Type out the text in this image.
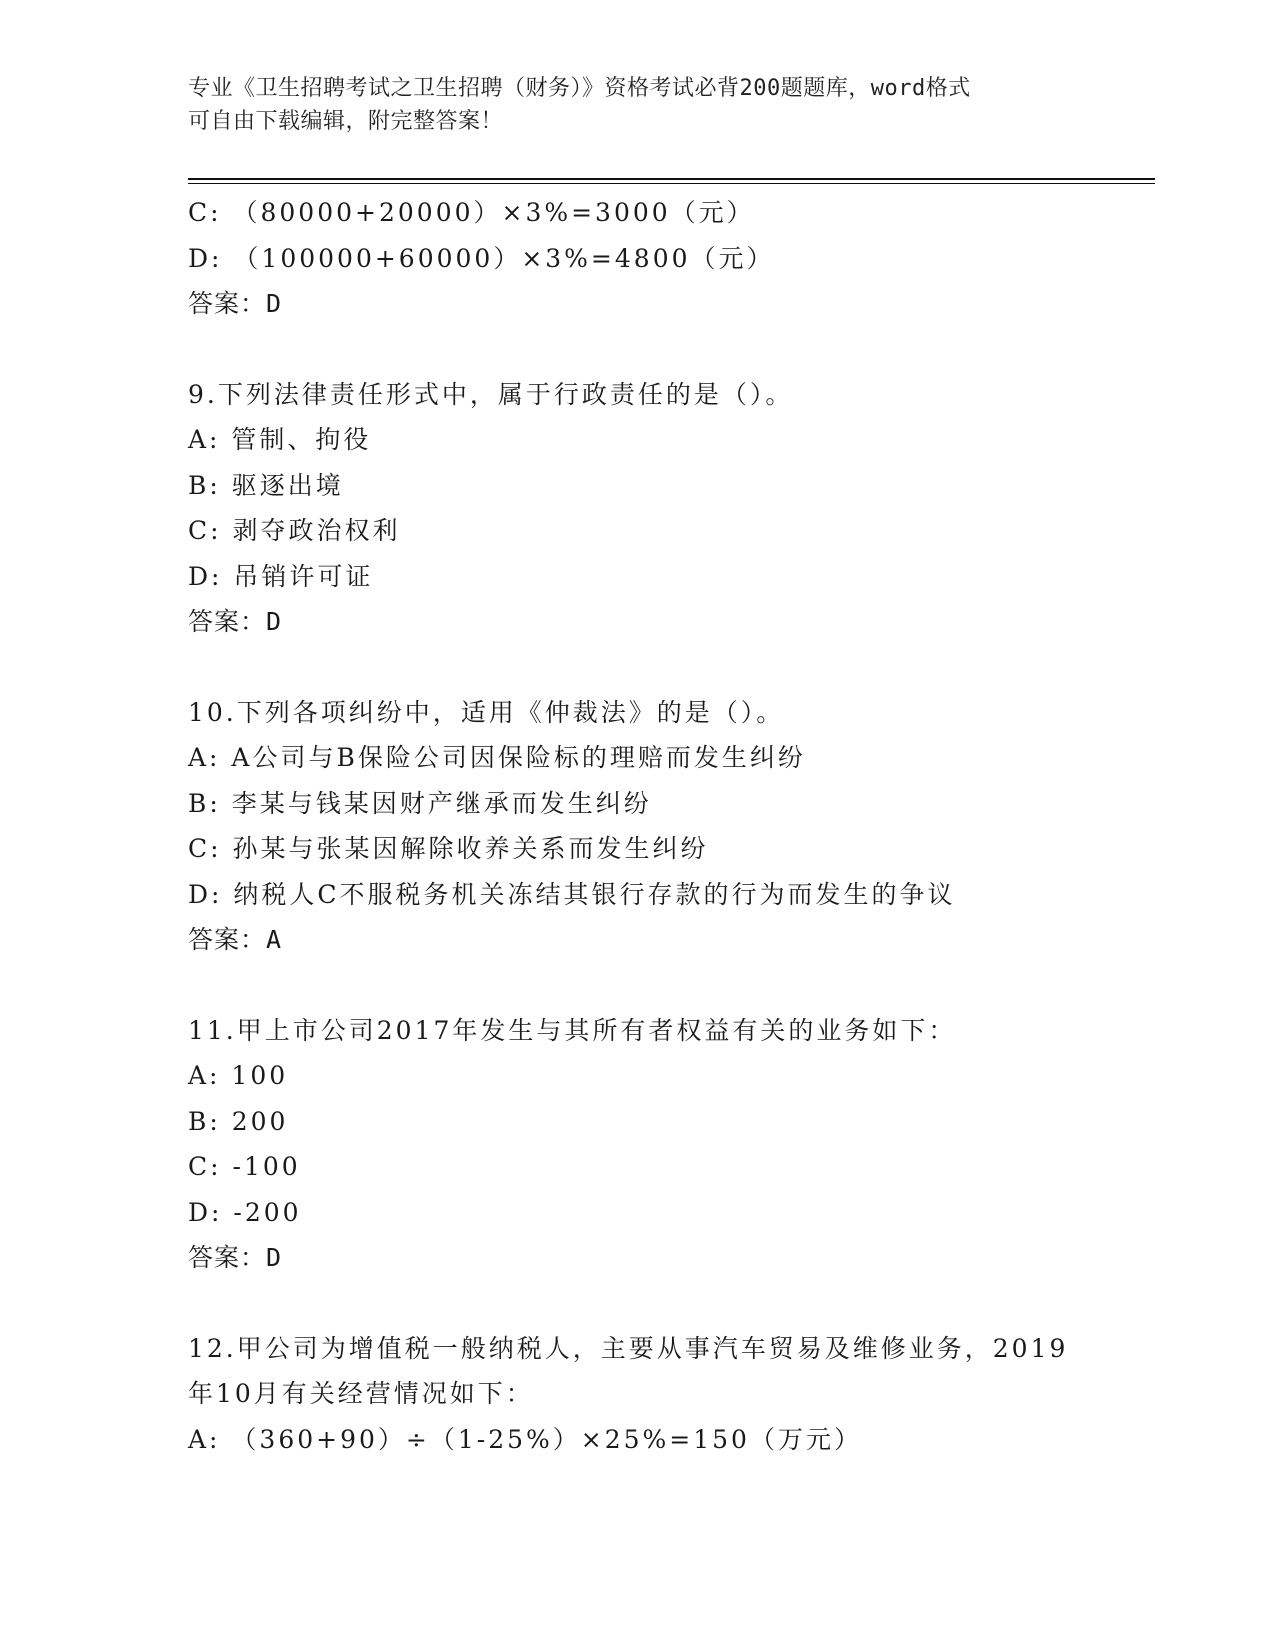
专业《卫生招聘考试之卫生招聘（财务）》资格考试必背200题题库，word格式
可自由下载编辑，附完整答案！
C: （80000+20000）×3%=3000（元）
D: （100000+60000）×3%=4800（元）
答案：D
9.下列法律责任形式中，属于行政责任的是（）。
A: 管制、拘役
B: 驱逐出境
C: 剥夺政治权利
D: 吊销许可证
答案：D
10.下列各项纠纷中，适用《仲裁法》的是（）。
A: A公司与B保险公司因保险标的理赔而发生纠纷
B: 李某与钱某因财产继承而发生纠纷
C: 孙某与张某因解除收养关系而发生纠纷
D: 纳税人C不服税务机关冻结其银行存款的行为而发生的争议
答案：A
11.甲上市公司2017年发生与其所有者权益有关的业务如下：
A: 100
B: 200
C: -100
D: -200
答案：D
12.甲公司为增值税一般纳税人，主要从事汽车贸易及维修业务，2019
年10月有关经营情况如下：
A: （360+90）÷（1-25%）×25%=150（万元）
